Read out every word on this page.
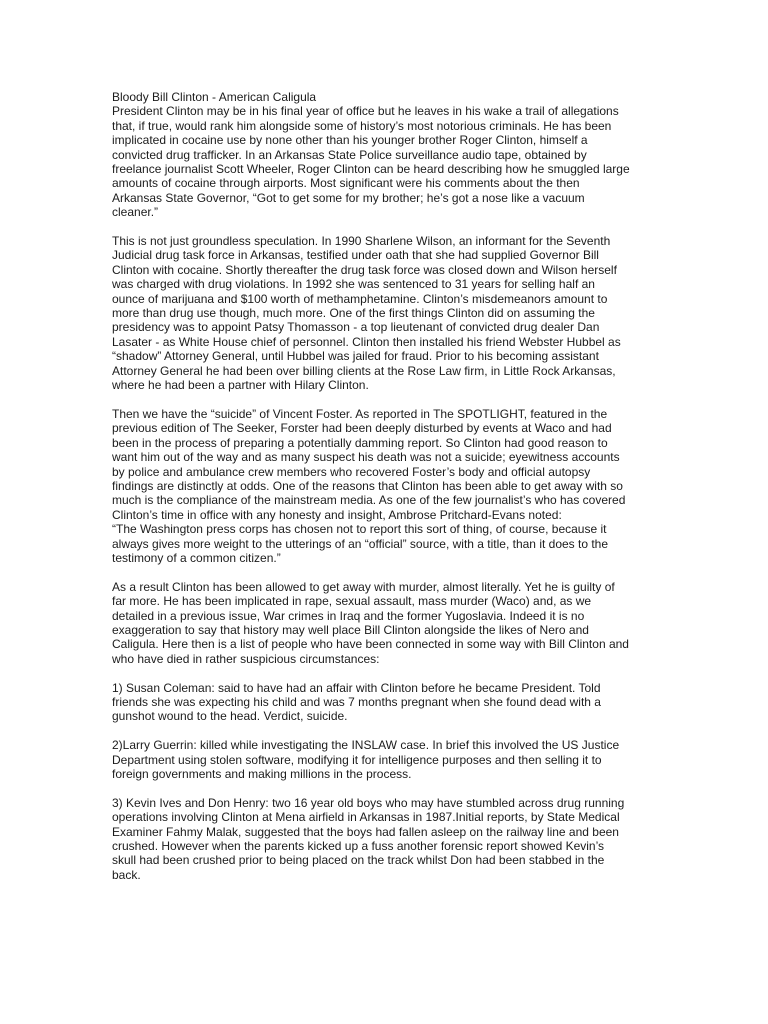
Bloody Bill Clinton - American Caligula
President Clinton may be in his final year of office but he leaves in his wake a trail of allegations
that, if true, would rank him alongside some of history’s most notorious criminals. He has been
implicated in cocaine use by none other than his younger brother Roger Clinton, himself a
convicted drug trafficker. In an Arkansas State Police surveillance audio tape, obtained by
freelance journalist Scott Wheeler, Roger Clinton can be heard describing how he smuggled large
amounts of cocaine through airports. Most significant were his comments about the then
Arkansas State Governor, “Got to get some for my brother; he’s got a nose like a vacuum
cleaner.”
This is not just groundless speculation. In 1990 Sharlene Wilson, an informant for the Seventh
Judicial drug task force in Arkansas, testified under oath that she had supplied Governor Bill
Clinton with cocaine. Shortly thereafter the drug task force was closed down and Wilson herself
was charged with drug violations. In 1992 she was sentenced to 31 years for selling half an
ounce of marijuana and $100 worth of methamphetamine. Clinton’s misdemeanors amount to
more than drug use though, much more. One of the first things Clinton did on assuming the
presidency was to appoint Patsy Thomasson - a top lieutenant of convicted drug dealer Dan
Lasater - as White House chief of personnel. Clinton then installed his friend Webster Hubbel as
“shadow” Attorney General, until Hubbel was jailed for fraud. Prior to his becoming assistant
Attorney General he had been over billing clients at the Rose Law firm, in Little Rock Arkansas,
where he had been a partner with Hilary Clinton.
Then we have the “suicide” of Vincent Foster. As reported in The SPOTLIGHT, featured in the
previous edition of The Seeker, Forster had been deeply disturbed by events at Waco and had
been in the process of preparing a potentially damming report. So Clinton had good reason to
want him out of the way and as many suspect his death was not a suicide; eyewitness accounts
by police and ambulance crew members who recovered Foster’s body and official autopsy
findings are distinctly at odds. One of the reasons that Clinton has been able to get away with so
much is the compliance of the mainstream media. As one of the few journalist’s who has covered
Clinton’s time in office with any honesty and insight, Ambrose Pritchard-Evans noted:
“The Washington press corps has chosen not to report this sort of thing, of course, because it
always gives more weight to the utterings of an “official” source, with a title, than it does to the
testimony of a common citizen.”
As a result Clinton has been allowed to get away with murder, almost literally. Yet he is guilty of
far more. He has been implicated in rape, sexual assault, mass murder (Waco) and, as we
detailed in a previous issue, War crimes in Iraq and the former Yugoslavia. Indeed it is no
exaggeration to say that history may well place Bill Clinton alongside the likes of Nero and
Caligula. Here then is a list of people who have been connected in some way with Bill Clinton and
who have died in rather suspicious circumstances:
1) Susan Coleman: said to have had an affair with Clinton before he became President. Told
friends she was expecting his child and was 7 months pregnant when she found dead with a
gunshot wound to the head. Verdict, suicide.
2)Larry Guerrin: killed while investigating the INSLAW case. In brief this involved the US Justice
Department using stolen software, modifying it for intelligence purposes and then selling it to
foreign governments and making millions in the process.
3) Kevin Ives and Don Henry: two 16 year old boys who may have stumbled across drug running
operations involving Clinton at Mena airfield in Arkansas in 1987.Initial reports, by State Medical
Examiner Fahmy Malak, suggested that the boys had fallen asleep on the railway line and been
crushed. However when the parents kicked up a fuss another forensic report showed Kevin’s
skull had been crushed prior to being placed on the track whilst Don had been stabbed in the
back.
